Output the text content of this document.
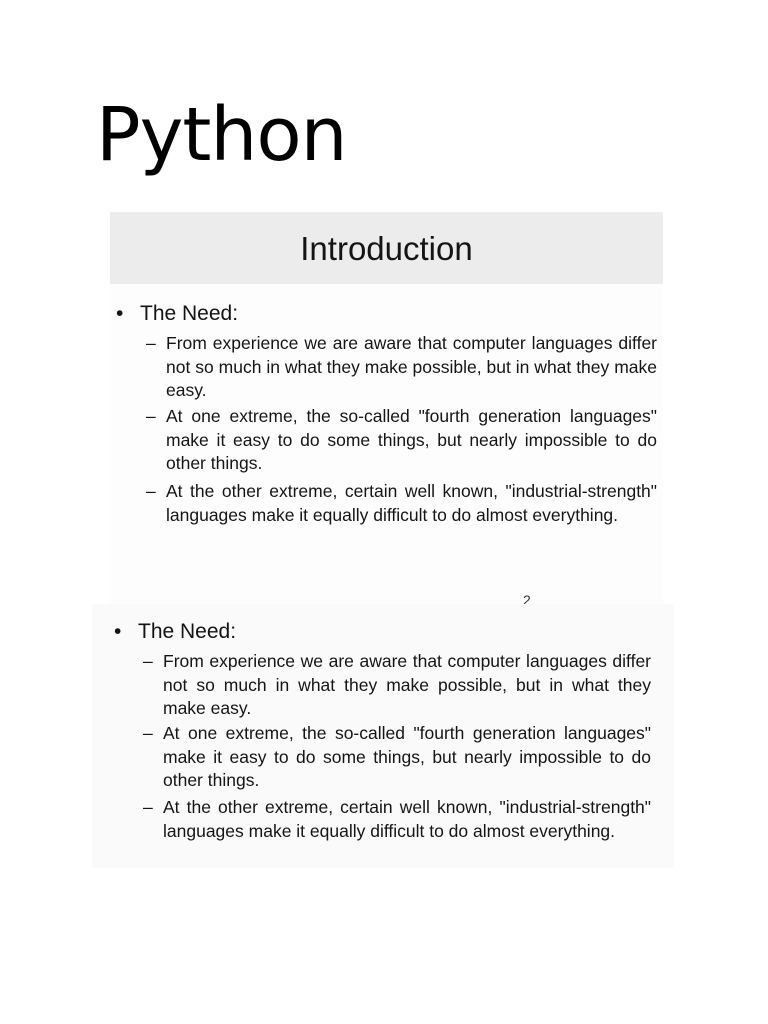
Python
Introduction
• The Need:

– From experience we are aware that computer languages differ not so much in what they make possible, but in what they make easy.

– At one extreme, the so-called "fourth generation languages" make it easy to do some things, but nearly impossible to do other things.

– At the other extreme, certain well known, "industrial-strength" languages make it equally difficult to do almost everything.

2
• The Need:

– From experience we are aware that computer languages differ not so much in what they make possible, but in what they make easy.

– At one extreme, the so-called "fourth generation languages" make it easy to do some things, but nearly impossible to do other things.

– At the other extreme, certain well known, "industrial-strength" languages make it equally difficult to do almost everything.
